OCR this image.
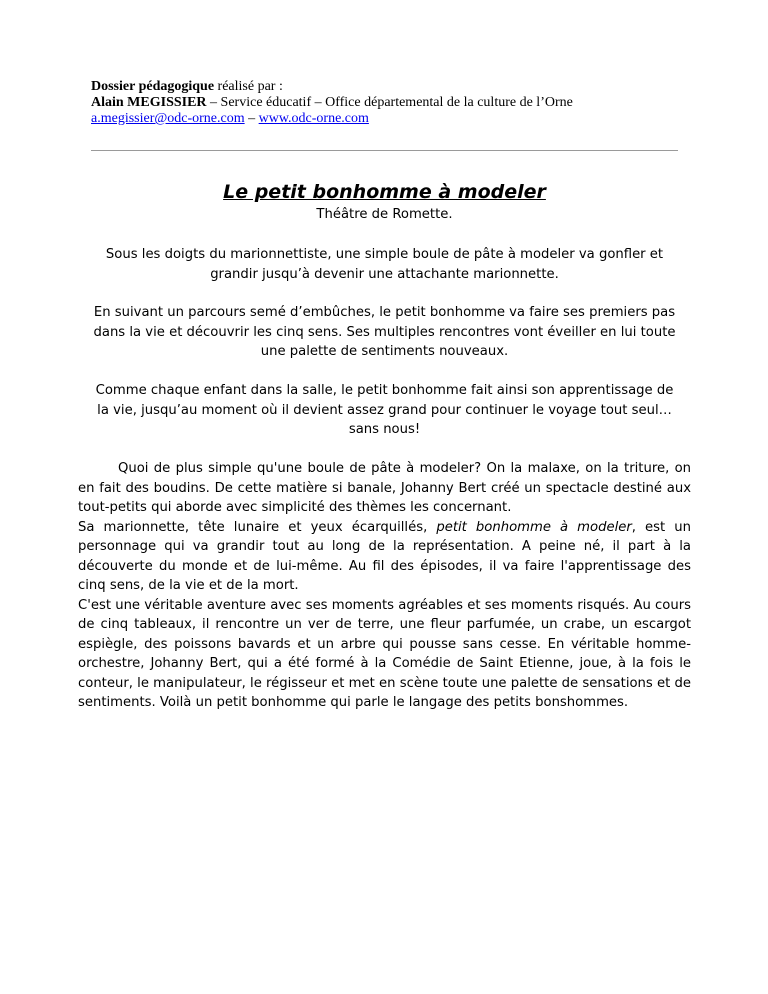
Dossier pédagogique réalisé par :
Alain MEGISSIER – Service éducatif – Office départemental de la culture de l’Orne
a.megissier@odc-orne.com – www.odc-orne.com
Le petit bonhomme à modeler
Théâtre de Romette.

Sous les doigts du marionnettiste, une simple boule de pâte à modeler va gonfler et grandir jusqu’à devenir une attachante marionnette.

En suivant un parcours semé d’embûches, le petit bonhomme va faire ses premiers pas dans la vie et découvrir les cinq sens. Ses multiples rencontres vont éveiller en lui toute une palette de sentiments nouveaux.

Comme chaque enfant dans la salle, le petit bonhomme fait ainsi son apprentissage de la vie, jusqu’au moment où il devient assez grand pour continuer le voyage tout seul… sans nous!

Quoi de plus simple qu'une boule de pâte à modeler? On la malaxe, on la triture, on en fait des boudins. De cette matière si banale, Johanny Bert créé un spectacle destiné aux tout-petits qui aborde avec simplicité des thèmes les concernant.
Sa marionnette, tête lunaire et yeux écarquillés, petit bonhomme à modeler, est un personnage qui va grandir tout au long de la représentation. A peine né, il part à la découverte du monde et de lui-même. Au fil des épisodes, il va faire l'apprentissage des cinq sens, de la vie et de la mort.
C'est une véritable aventure avec ses moments agréables et ses moments risqués. Au cours de cinq tableaux, il rencontre un ver de terre, une fleur parfumée, un crabe, un escargot espiègle, des poissons bavards et un arbre qui pousse sans cesse. En véritable homme-orchestre, Johanny Bert, qui a été formé à la Comédie de Saint Etienne, joue, à la fois le conteur, le manipulateur, le régisseur et met en scène toute une palette de sensations et de sentiments. Voilà un petit bonhomme qui parle le langage des petits bonshommes.
